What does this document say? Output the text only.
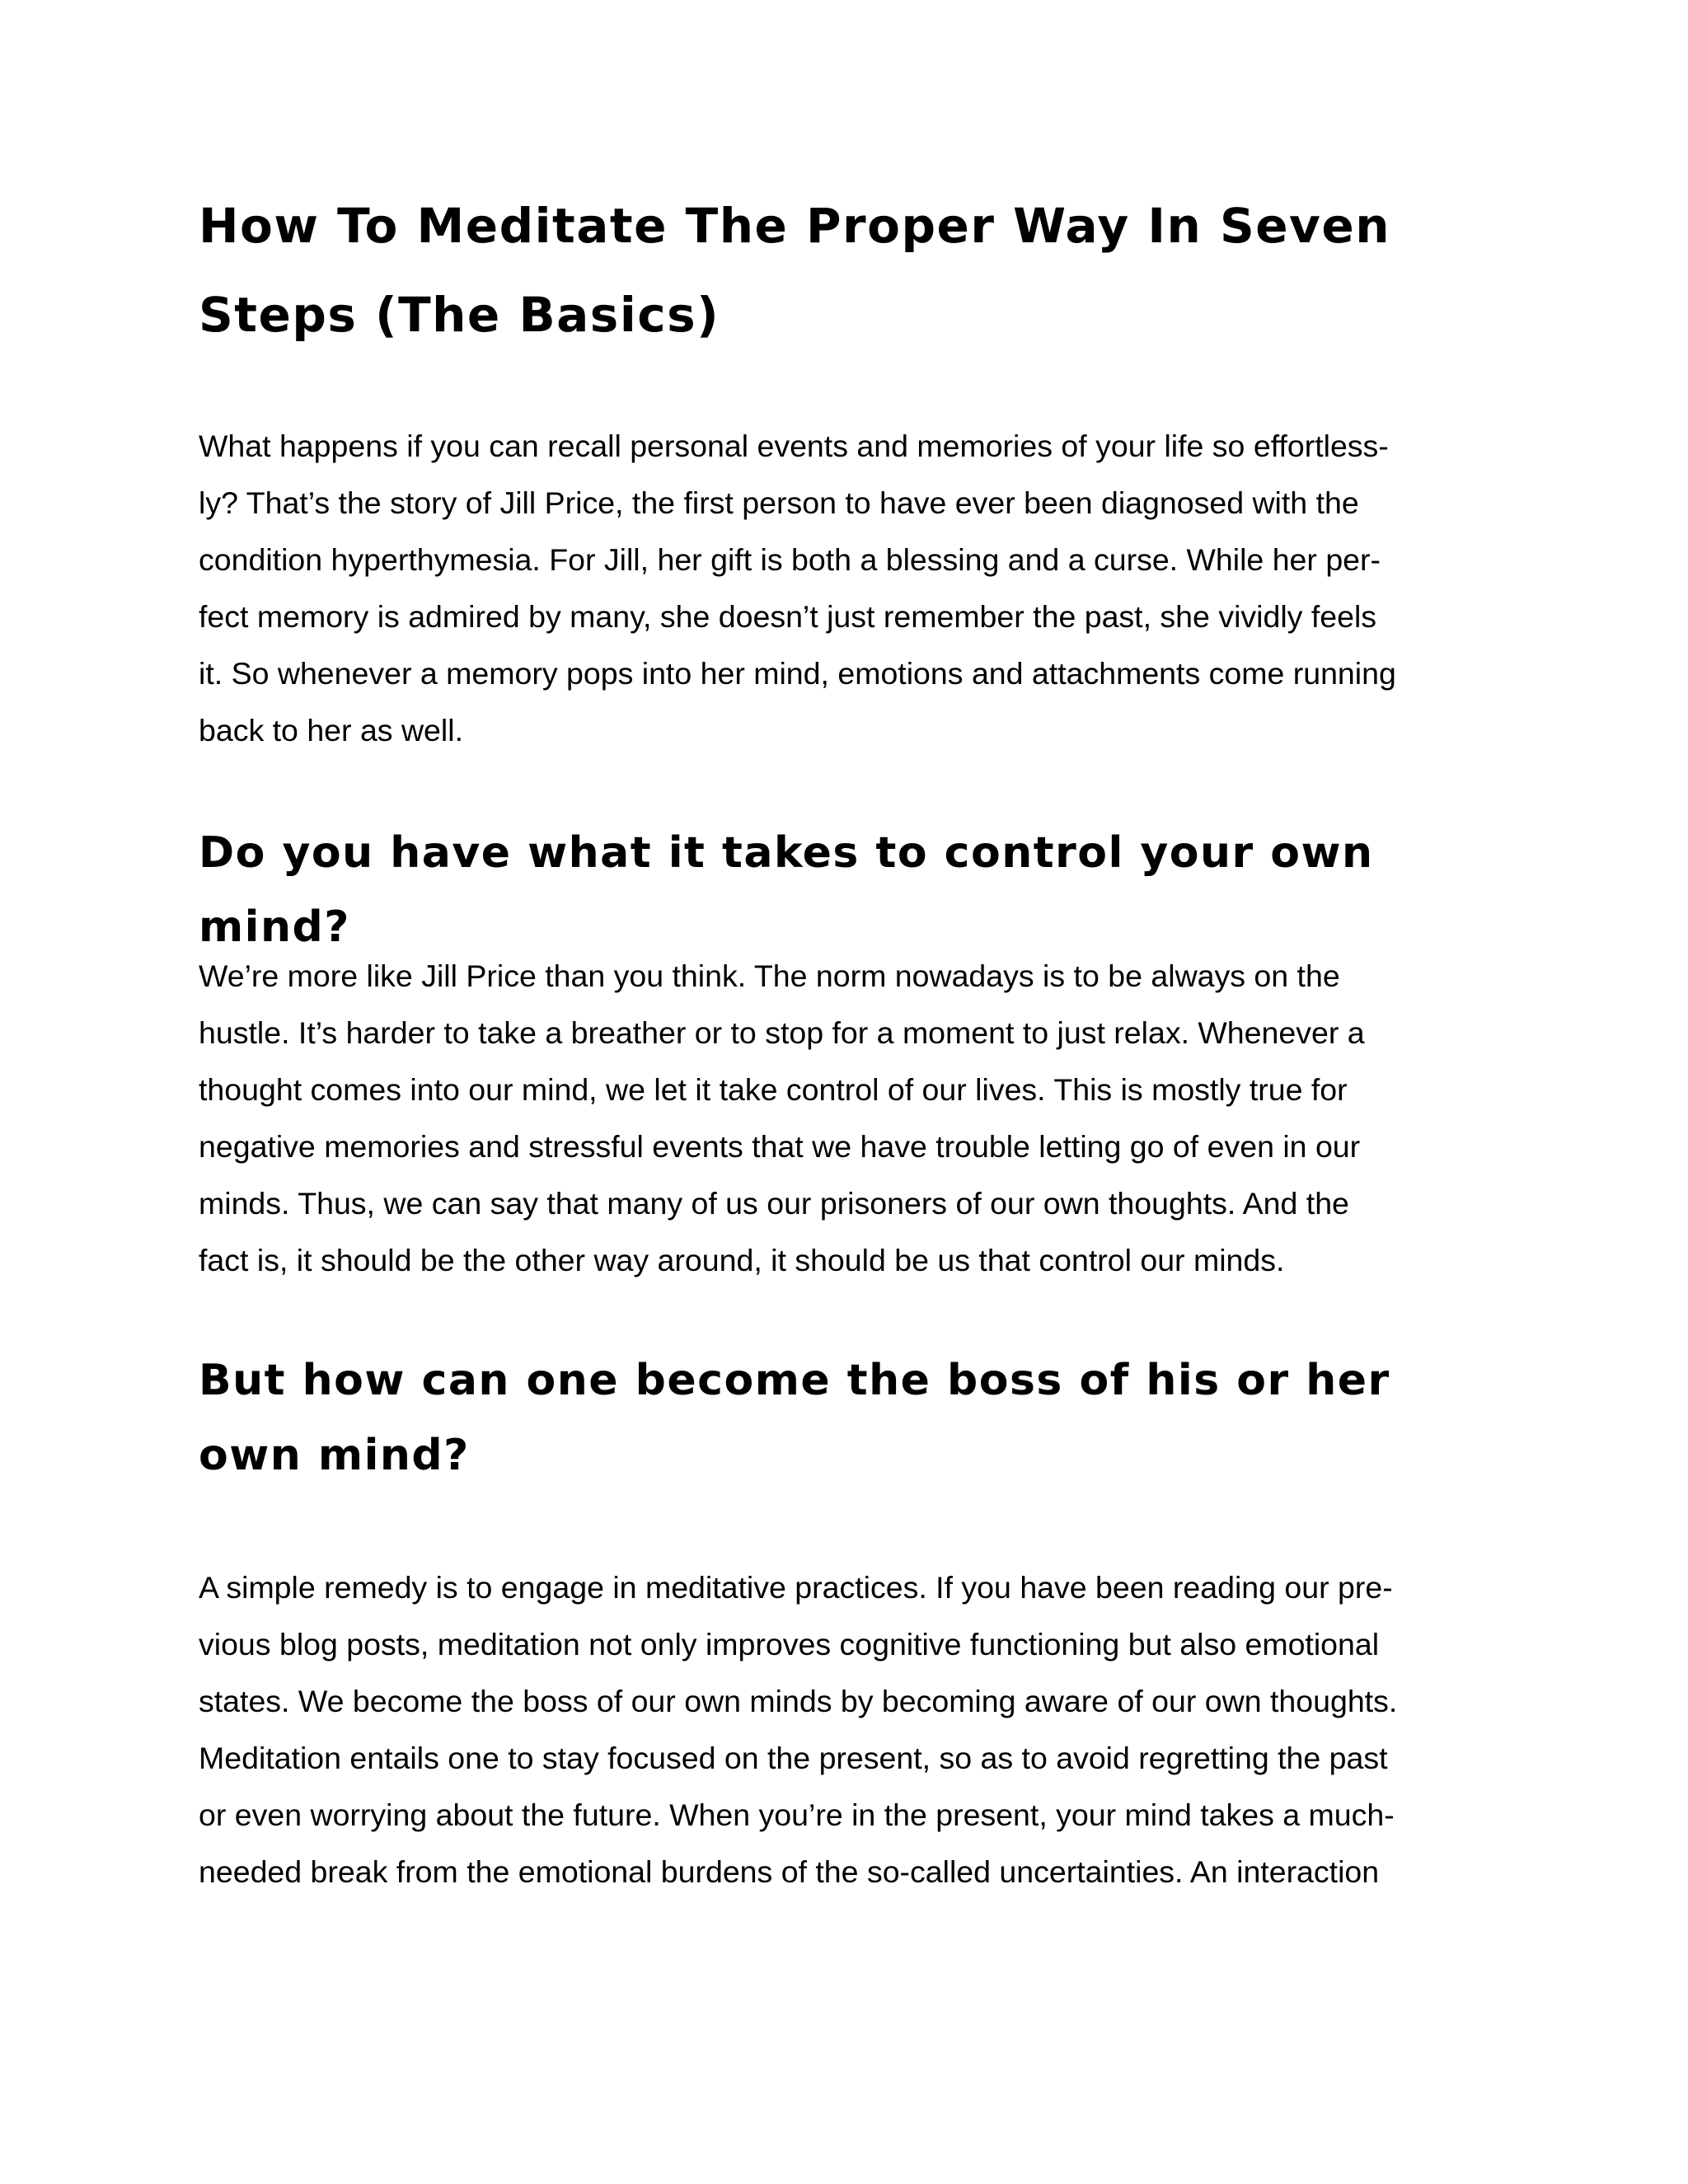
How To Meditate The Proper Way In Seven Steps (The Basics)

What happens if you can recall personal events and memories of your life so effortless-
ly? That’s the story of Jill Price, the first person to have ever been diagnosed with the
condition hyperthymesia. For Jill, her gift is both a blessing and a curse. While her per-
fect memory is admired by many, she doesn’t just remember the past, she vividly feels
it. So whenever a memory pops into her mind, emotions and attachments come running
back to her as well.

Do you have what it takes to control your own mind?

We’re more like Jill Price than you think. The norm nowadays is to be always on the
hustle. It’s harder to take a breather or to stop for a moment to just relax. Whenever a
thought comes into our mind, we let it take control of our lives. This is mostly true for
negative memories and stressful events that we have trouble letting go of even in our
minds. Thus, we can say that many of us our prisoners of our own thoughts. And the
fact is, it should be the other way around, it should be us that control our minds.

But how can one become the boss of his or her own mind?

A simple remedy is to engage in meditative practices. If you have been reading our pre-
vious blog posts, meditation not only improves cognitive functioning but also emotional
states. We become the boss of our own minds by becoming aware of our own thoughts.
Meditation entails one to stay focused on the present, so as to avoid regretting the past
or even worrying about the future. When you’re in the present, your mind takes a much-
needed break from the emotional burdens of the so-called uncertainties. An interaction
